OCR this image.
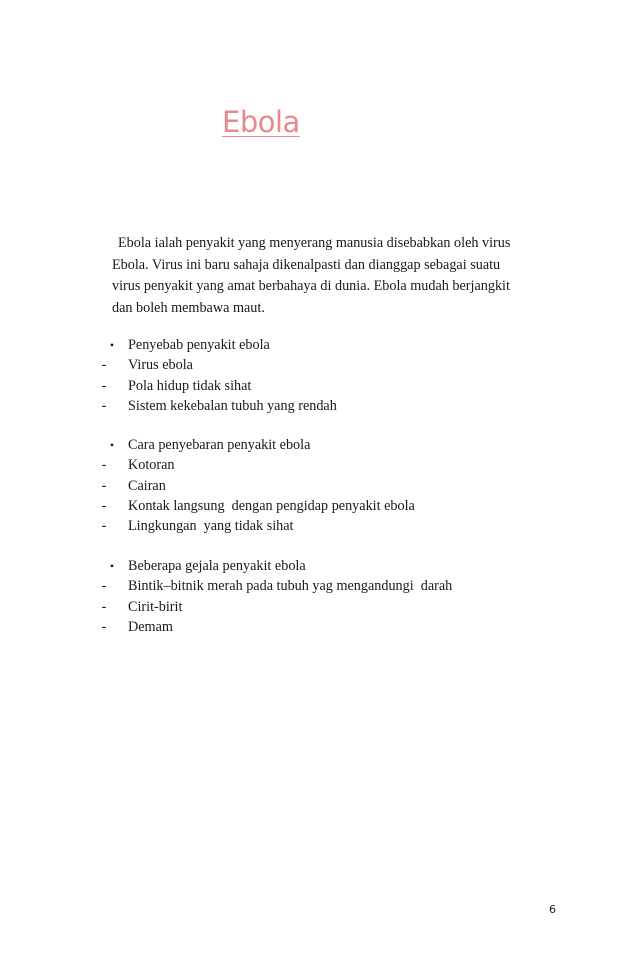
Ebola

Ebola ialah penyakit yang menyerang manusia disebabkan oleh virus
Ebola. Virus ini baru sahaja dikenalpasti dan dianggap sebagai suatu
virus penyakit yang amat berbahaya di dunia. Ebola mudah berjangkit
dan boleh membawa maut.

• Penyebab penyakit ebola
-	Virus ebola
-	Pola hidup tidak sihat
-	Sistem kekebalan tubuh yang rendah
• Cara penyebaran penyakit ebola
-	Kotoran
-	Cairan
-	Kontak langsung  dengan pengidap penyakit ebola
-	Lingkungan  yang tidak sihat
• Beberapa gejala penyakit ebola
-	Bintik–bitnik merah pada tubuh yag mengandungi  darah
-	Cirit-birit
-	Demam

6
